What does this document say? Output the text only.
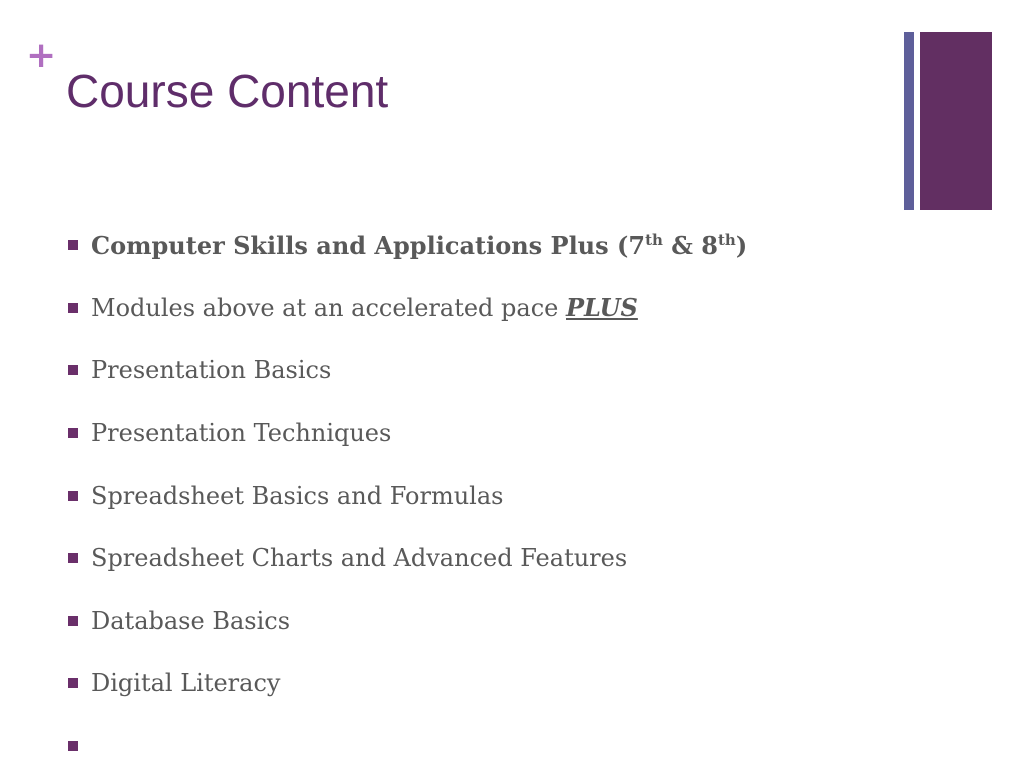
+
Course Content
Computer Skills and Applications Plus (7th & 8th)
Modules above at an accelerated pace PLUS
Presentation Basics
Presentation Techniques
Spreadsheet Basics and Formulas
Spreadsheet Charts and Advanced Features
Database Basics
Digital Literacy
